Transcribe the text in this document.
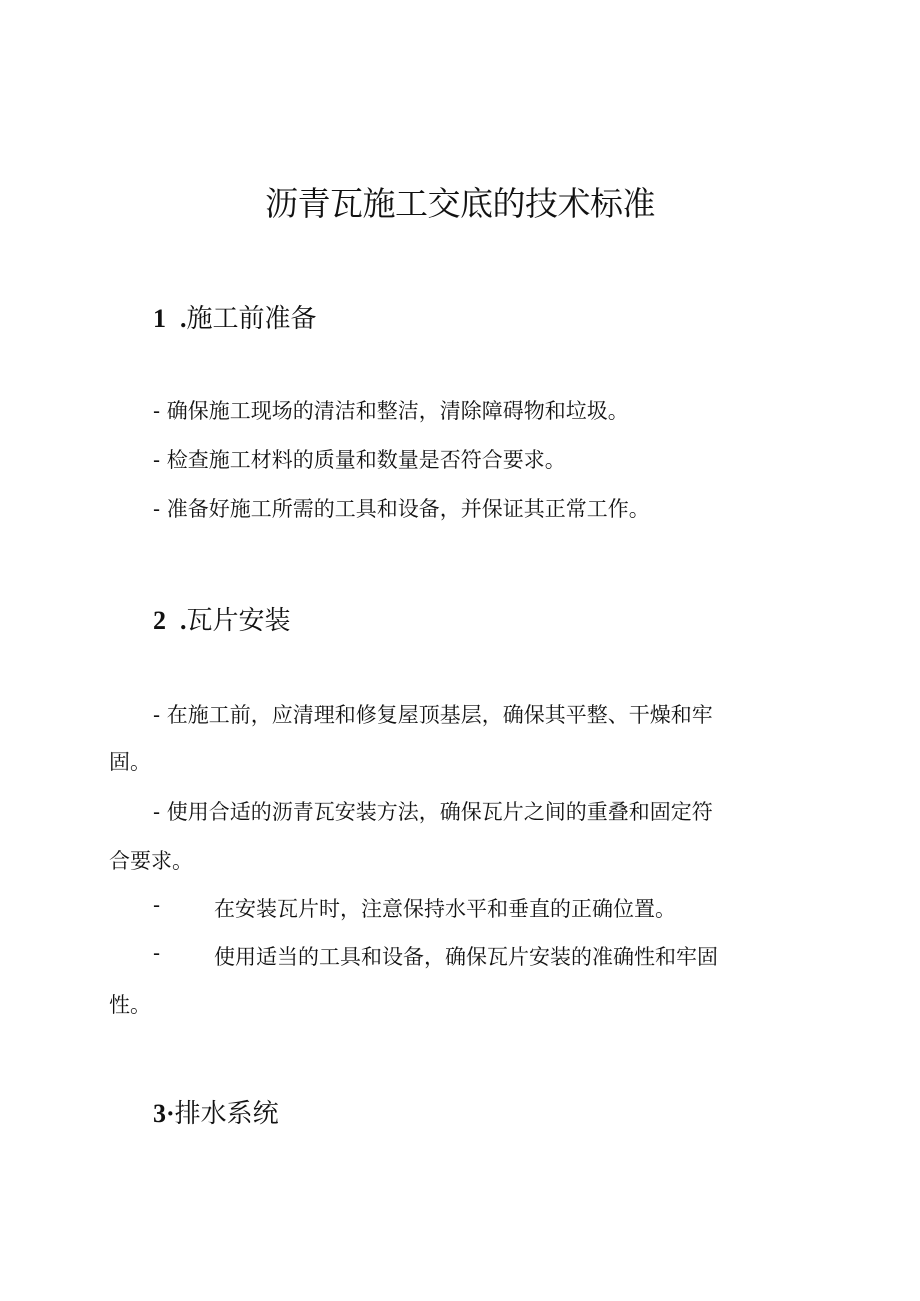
沥青瓦施工交底的技术标准
1 .施工前准备

- 确保施工现场的清洁和整洁，清除障碍物和垃圾。

- 检查施工材料的质量和数量是否符合要求。

- 准备好施工所需的工具和设备，并保证其正常工作。

2 .瓦片安装

- 在施工前，应清理和修复屋顶基层，确保其平整、干燥和牢

固。

- 使用合适的沥青瓦安装方法，确保瓦片之间的重叠和固定符

合要求。

-	在安装瓦片时，注意保持水平和垂直的正确位置。

-	使用适当的工具和设备，确保瓦片安装的准确性和牢固

性。

3·排水系统
